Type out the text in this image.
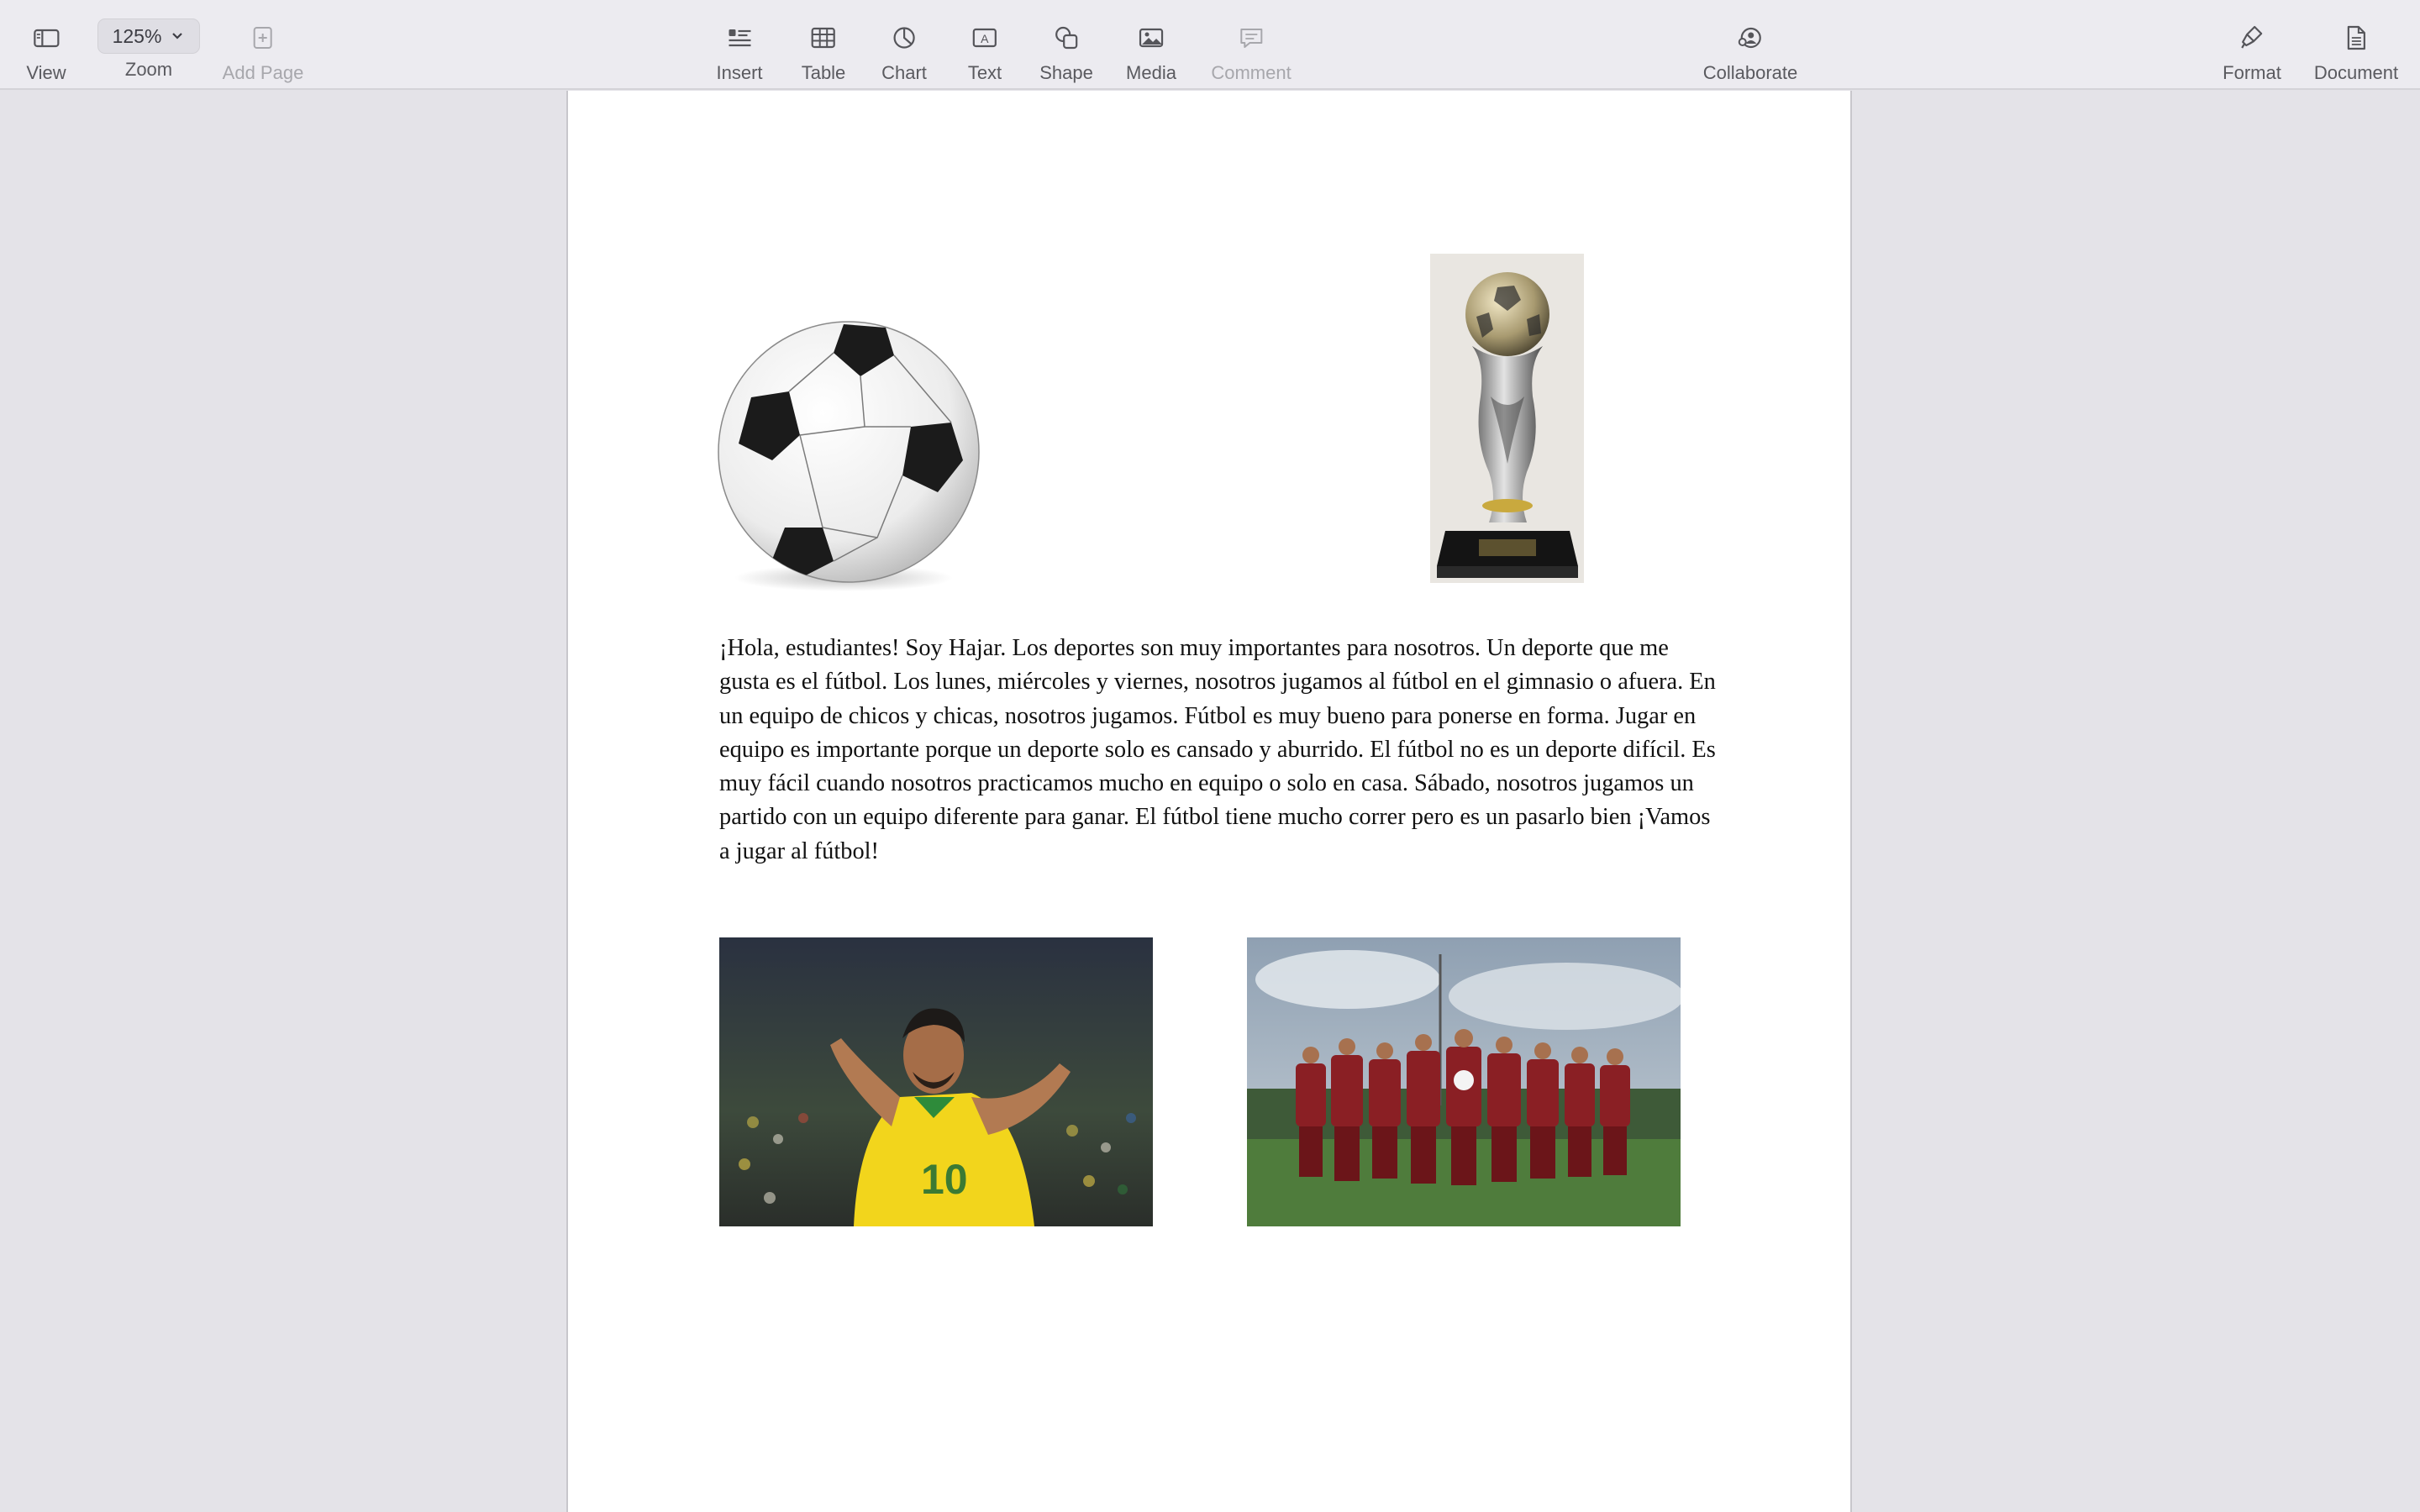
View
125%
Zoom	Add Page	Insert Table Chart
A
Text Shape Media Comment	Collaborate	Format Document

¡Hola, estudiantes! Soy Hajar. Los deportes son muy importantes para nosotros. Un deporte que me gusta es el fútbol. Los lunes, miércoles y viernes, nosotros jugamos al fútbol en el gimnasio o afuera. En un equipo de chicos y chicas, nosotros jugamos. Fútbol es muy bueno para ponerse en forma. Jugar en equipo es importante porque un deporte solo es cansado y aburrido. El fútbol no es un deporte difícil. Es muy fácil cuando nosotros practicamos mucho en equipo o solo en casa. Sábado, nosotros jugamos un partido con un equipo diferente para ganar. El fútbol tiene mucho correr pero es un pasarlo bien ¡Vamos a jugar al fútbol!

10
